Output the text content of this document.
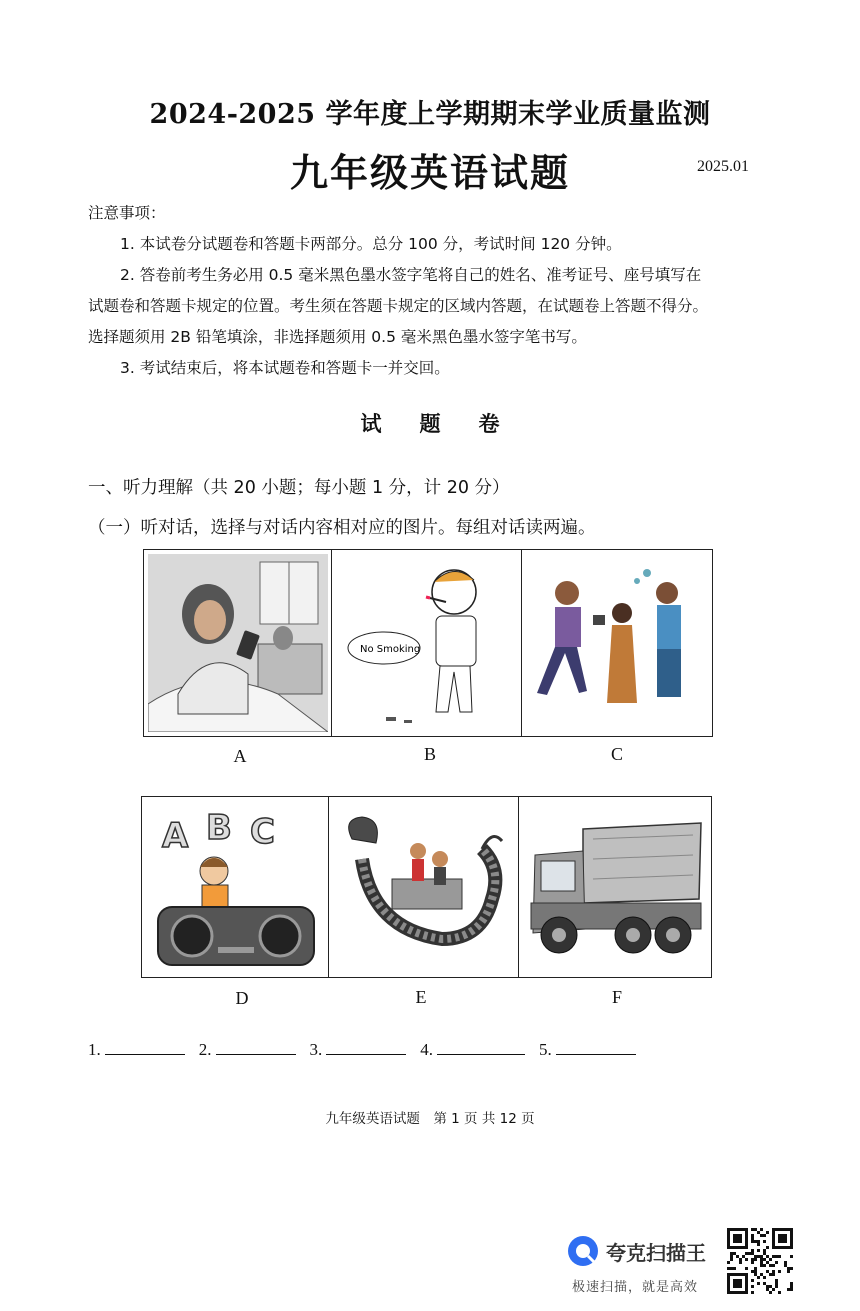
2024-2025 学年度上学期期末学业质量监测
九年级英语试题	2025.01

注意事项：

1. 本试卷分试题卷和答题卡两部分。总分 100 分，考试时间 120 分钟。

2. 答卷前考生务必用 0.5 毫米黑色墨水签字笔将自己的姓名、准考证号、座号填写在

试题卷和答题卡规定的位置。考生须在答题卡规定的区域内答题，在试题卷上答题不得分。

选择题须用 2B 铅笔填涂，非选择题须用 0.5 毫米黑色墨水签字笔书写。

3. 考试结束后，将本试题卷和答题卡一并交回。

试题卷
一、听力理解（共 20 小题；每小题 1 分，计 20 分）
（一）听对话，选择与对话内容相对应的图片。每组对话读两遍。
No Smoking
A	B	C
A B C
D	E	F
1.	2.	3.	4.	5.
九年级英语试题　第 1 页 共 12 页
夸克扫描王
极速扫描，就是高效
